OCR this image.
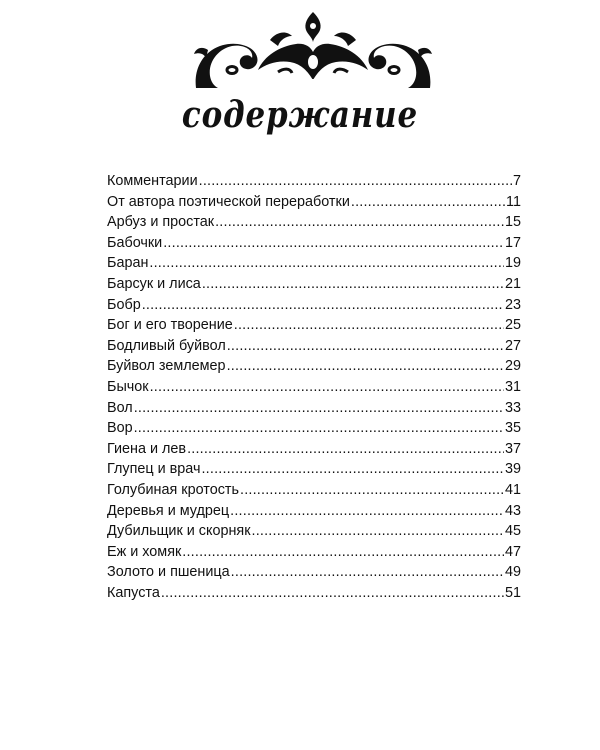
содержание
Комментарии .....	7
От автора поэтической переработки .....	11
Арбуз и простак .....	15
Бабочки .....	17
Баран .....	19
Барсук и лиса .....	21
Бобр .....	23
Бог и его творение .....	25
Бодливый буйвол .....	27
Буйвол землемер .....	29
Бычок .....	31
Вол .....	33
Вор .....	35
Гиена и лев .....	37
Глупец и врач .....	39
Голубиная кротость .....	41
Деревья и мудрец .....	43
Дубильщик и скорняк .....	45
Еж и хомяк .....	47
Золото и пшеница .....	49
Капуста .....	51
